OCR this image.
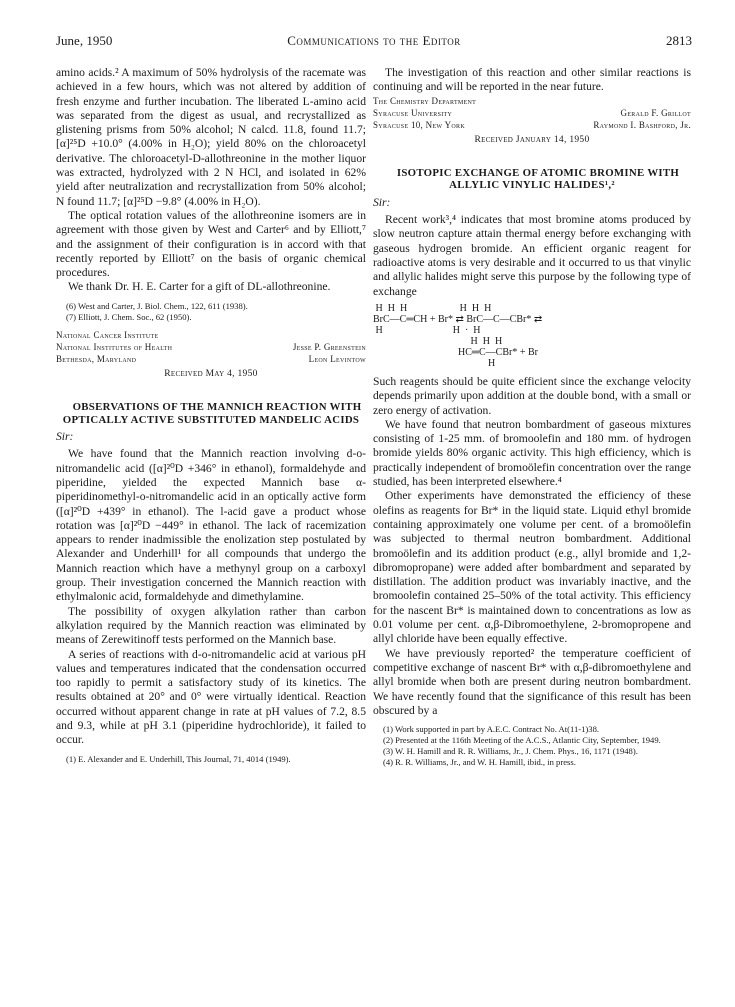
June, 1950	Communications to the Editor	2813

amino acids.² A maximum of 50% hydrolysis of the racemate was achieved in a few hours, which was not altered by addition of fresh enzyme and further incubation. The liberated L-amino acid was separated from the digest as usual, and recrystallized as glistening prisms from 50% alcohol; N calcd. 11.8, found 11.7; [α]²⁵D +10.0° (4.00% in H₂O); yield 80% on the chloroacetyl derivative. The chloroacetyl-D-allothreonine in the mother liquor was extracted, hydrolyzed with 2 N HCl, and isolated in 62% yield after neutralization and recrystallization from 50% alcohol; N found 11.7; [α]²⁵D −9.8° (4.00% in H₂O).

The optical rotation values of the allothreonine isomers are in agreement with those given by West and Carter⁶ and by Elliott,⁷ and the assignment of their configuration is in accord with that recently reported by Elliott⁷ on the basis of organic chemical procedures.

We thank Dr. H. E. Carter for a gift of DL-allothreonine.

(6) West and Carter, J. Biol. Chem., 122, 611 (1938).

(7) Elliott, J. Chem. Soc., 62 (1950).

National Cancer Institute
National Institutes of Health	Jesse P. Greenstein
Bethesda, Maryland	Leon Levintow
Received May 4, 1950

OBSERVATIONS OF THE MANNICH REACTION WITH OPTICALLY ACTIVE SUBSTITUTED MANDELIC ACIDS

Sir:

We have found that the Mannich reaction involving d-o-nitromandelic acid ([α]²⁰D +346° in ethanol), formaldehyde and piperidine, yielded the expected Mannich base α-piperidinomethyl-o-nitromandelic acid in an optically active form ([α]²⁰D +439° in ethanol). The l-acid gave a product whose rotation was [α]²⁰D −449° in ethanol. The lack of racemization appears to render inadmissible the enolization step postulated by Alexander and Underhill¹ for all compounds that undergo the Mannich reaction which have a methynyl group on a carboxyl group. Their investigation concerned the Mannich reaction with ethylmalonic acid, formaldehyde and dimethylamine.

The possibility of oxygen alkylation rather than carbon alkylation required by the Mannich reaction was eliminated by means of Zerewitinoff tests performed on the Mannich base.

A series of reactions with d-o-nitromandelic acid at various pH values and temperatures indicated that the condensation occurred too rapidly to permit a satisfactory study of its kinetics. The results obtained at 20° and 0° were virtually identical. Reaction occurred without apparent change in rate at pH values of 7.2, 8.5 and 9.3, while at pH 3.1 (piperidine hydrochloride), it failed to occur.

(1) E. Alexander and E. Underhill, This Journal, 71, 4014 (1949).

The investigation of this reaction and other similar reactions is continuing and will be reported in the near future.

The Chemistry Department
Syracuse University	Gerald F. Grillot
Syracuse 10, New York	Raymond I. Bashford, Jr.
Received January 14, 1950

ISOTOPIC EXCHANGE OF ATOMIC BROMINE WITH ALLYLIC VINYLIC HALIDES¹,²

Sir:

Recent work³,⁴ indicates that most bromine atoms produced by slow neutron capture attain thermal energy before exchanging with gaseous hydrogen bromide. An efficient organic reagent for radioactive atoms is very desirable and it occurred to us that vinylic and allylic halides might serve this purpose by the following type of exchange

H  H  H                     H  H  H
BrC—C═CH + Br* ⇄ BrC—C—CBr* ⇄
H                            H  ·  H
H  H  H
HC═C—CBr* + Br
H

Such reagents should be quite efficient since the exchange velocity depends primarily upon addition at the double bond, with a small or zero energy of activation.

We have found that neutron bombardment of gaseous mixtures consisting of 1-25 mm. of bromoolefin and 180 mm. of hydrogen bromide yields 80% organic activity. This high efficiency, which is practically independent of bromoölefin concentration over the range studied, has been interpreted elsewhere.⁴

Other experiments have demonstrated the efficiency of these olefins as reagents for Br* in the liquid state. Liquid ethyl bromide containing approximately one volume per cent. of a bromoölefin was subjected to thermal neutron bombardment. Additional bromoölefin and its addition product (e.g., allyl bromide and 1,2-dibromopropane) were added after bombardment and separated by distillation. The addition product was invariably inactive, and the bromoolefin contained 25–50% of the total activity. This efficiency for the nascent Br* is maintained down to concentrations as low as 0.01 volume per cent. α,β-Dibromoethylene, 2-bromopropene and allyl chloride have been equally effective.

We have previously reported² the temperature coefficient of competitive exchange of nascent Br* with α,β-dibromoethylene and allyl bromide when both are present during neutron bombardment. We have recently found that the significance of this result has been obscured by a

(1) Work supported in part by A.E.C. Contract No. At(11-1)38.

(2) Presented at the 116th Meeting of the A.C.S., Atlantic City, September, 1949.

(3) W. H. Hamill and R. R. Williams, Jr., J. Chem. Phys., 16, 1171 (1948).

(4) R. R. Williams, Jr., and W. H. Hamill, ibid., in press.
